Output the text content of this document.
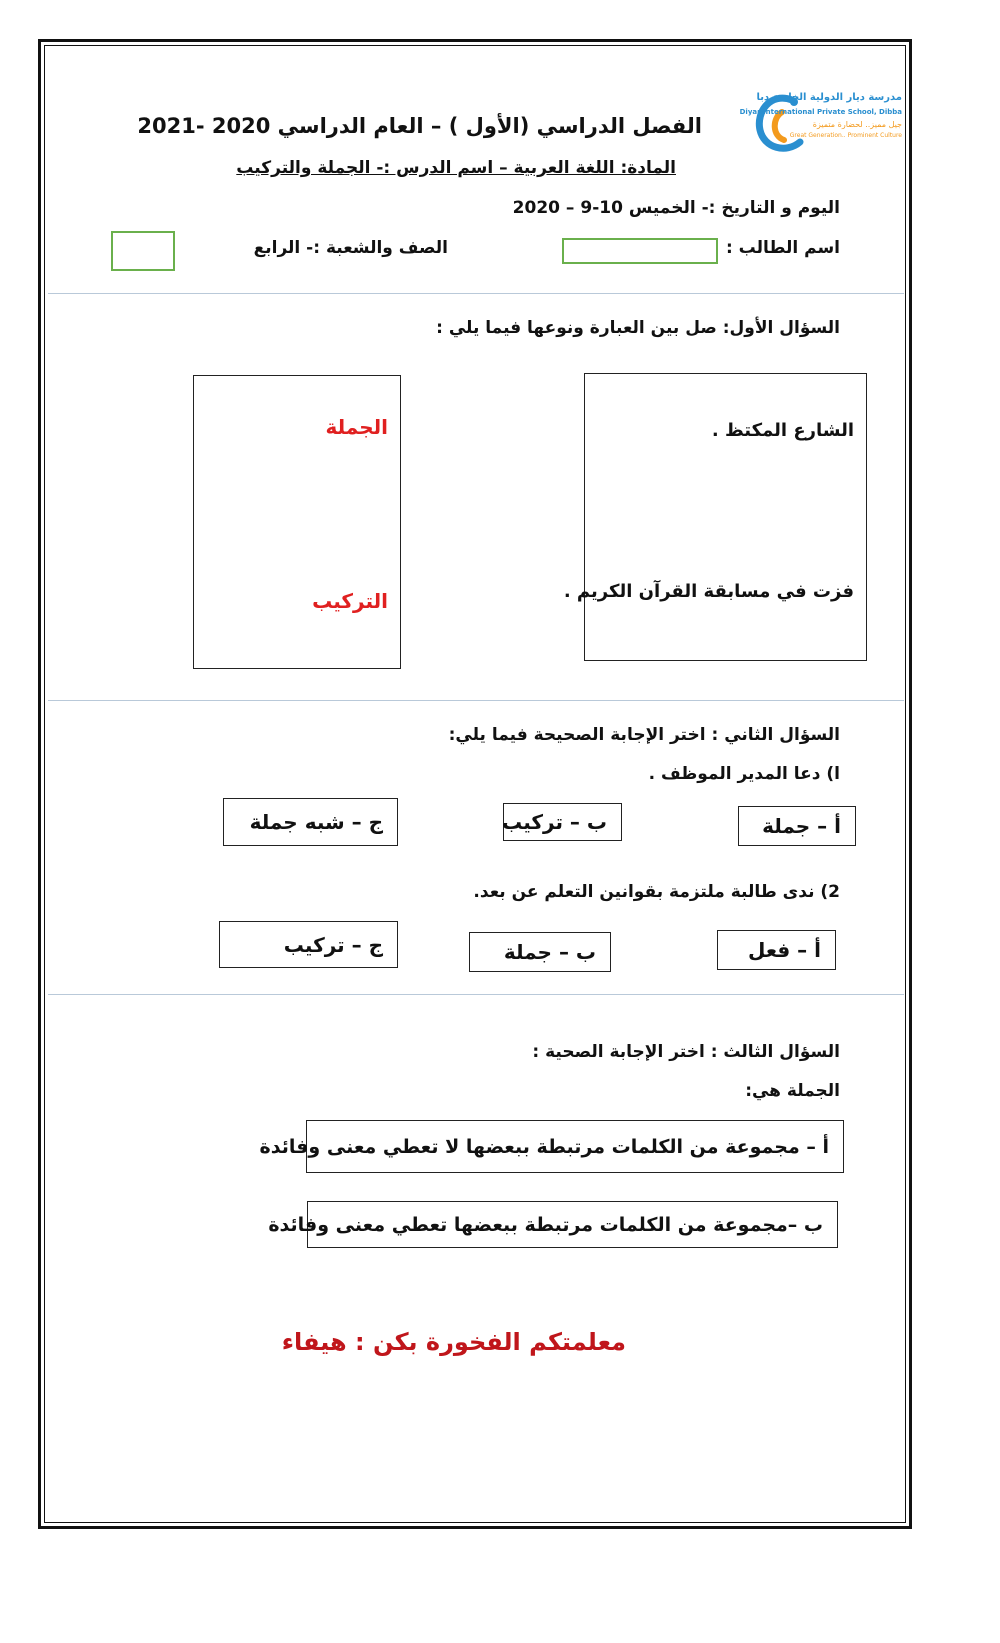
مدرسة ديار الدولية الخاصة دبا
Diyar International Private School, Dibba
جيل مميز.. لحضارة متميزة
Great Generation.. Prominent Culture
الفصل الدراسي (الأول ) – العام الدراسي 2020 -2021
المادة: اللغة العربية – اسم الدرس :- الجملة والتركيب
اليوم و التاريخ :- الخميس 10-9 – 2020
اسم الطالب :
الصف والشعبة :- الرابع
السؤال الأول: صل بين العبارة ونوعها فيما يلي :
الشارع المكتظ .
فزت في مسابقة القرآن الكريم .
الجملة
التركيب
السؤال الثاني : اختر الإجابة الصحيحة فيما يلي:
ا) دعا المدير الموظف .
أ – جملة
ب – تركيب
ج – شبه جملة
2) ندى طالبة ملتزمة بقوانين التعلم عن بعد.
أ – فعل
ب – جملة
ج – تركيب
السؤال الثالث : اختر الإجابة الصحية :
الجملة هي:
أ – مجموعة من الكلمات مرتبطة ببعضها لا تعطي معنى وفائدة
ب –مجموعة من الكلمات مرتبطة ببعضها تعطي معنى وفائدة
معلمتكم الفخورة بكن : هيفاء
